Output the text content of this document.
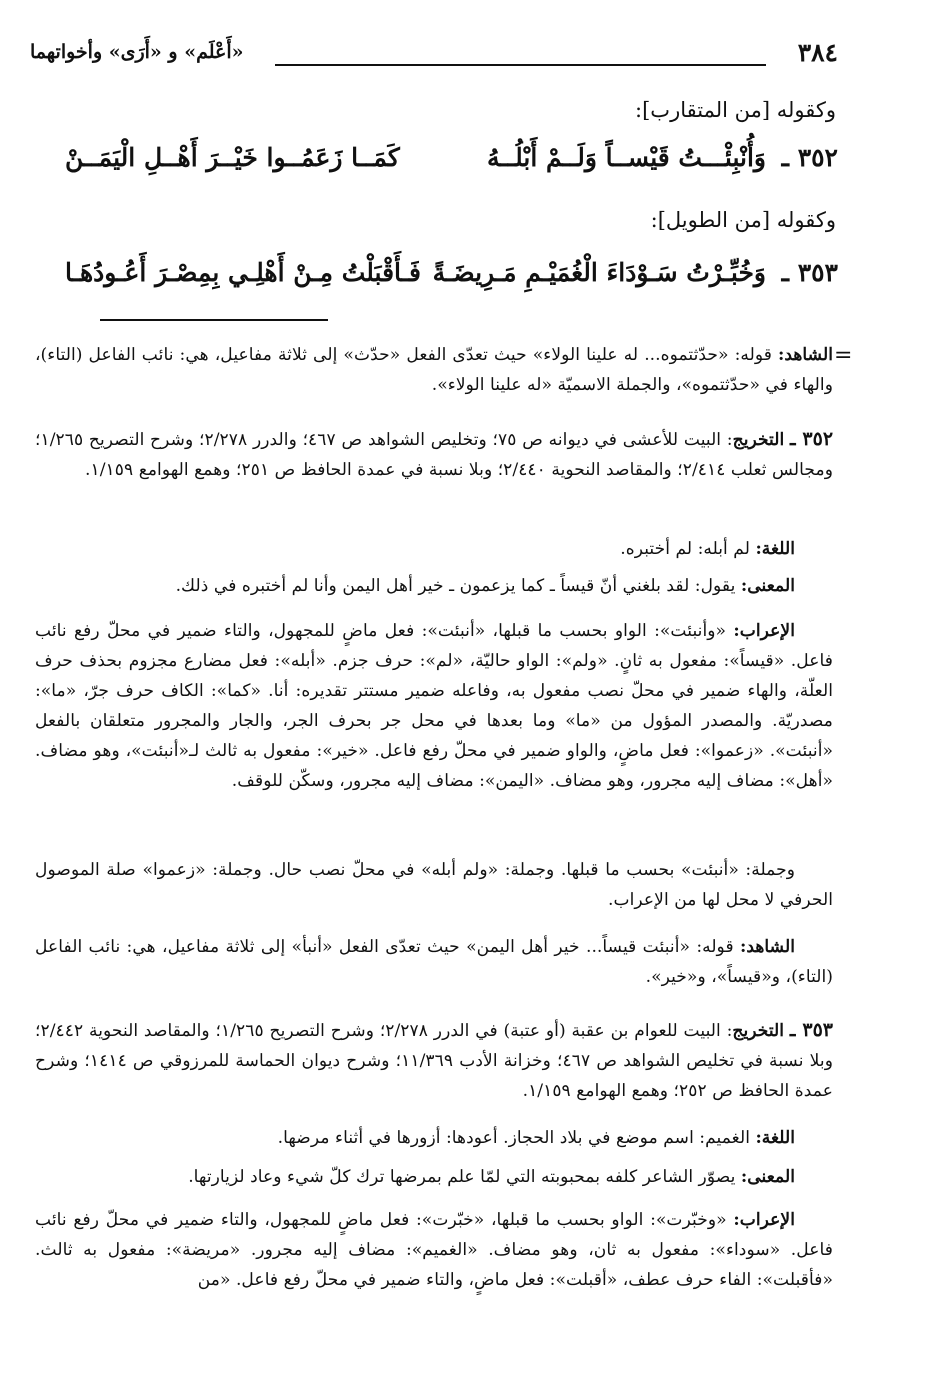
٣٨٤
«أَعْلَم» و «أَرَى» وأخواتهما
وكقوله [من المتقارب]:
٣٥٢ ـ
وَأُنْبِئْـــتُ قَيْســاً وَلَــمْ أَبْلُــهُ
كَمَــا زَعَمُــوا خَيْــرَ أَهْــلِ الْيَمَــنْ
وكقوله [من الطويل]:
٣٥٣ ـ
وَخُبِّـرْتُ سَـوْدَاءَ الْغُمَيْـمِ مَـرِيضَـةً
فَـأَقْبَلْتُ مِـنْ أَهْلِـي بِمِصْـرَ أَعُـودُهَـا
=
الشاهد: قوله: «حدّثتموه... له علينا الولاء» حيث تعدّى الفعل «حدّث» إلى ثلاثة مفاعيل، هي: نائب الفاعل (التاء)، والهاء في «حدّثتموه»، والجملة الاسميّة «له علينا الولاء».
٣٥٢ ـ التخريج: البيت للأعشى في ديوانه ص ٧٥؛ وتخليص الشواهد ص ٤٦٧؛ والدرر ٢/٢٧٨؛ وشرح التصريح ١/٢٦٥؛ ومجالس ثعلب ٢/٤١٤؛ والمقاصد النحوية ٢/٤٤٠؛ وبلا نسبة في عمدة الحافظ ص ٢٥١؛ وهمع الهوامع ١/١٥٩.
اللغة: لم أبله: لم أختبره.
المعنى: يقول: لقد بلغني أنّ قيساً ـ كما يزعمون ـ خير أهل اليمن وأنا لم أختبره في ذلك.
الإعراب: «وأنبئت»: الواو بحسب ما قبلها، «أنبئت»: فعل ماضٍ للمجهول، والتاء ضمير في محلّ رفع نائب فاعل. «قيساً»: مفعول به ثانٍ. «ولم»: الواو حاليّة، «لم»: حرف جزم. «أبله»: فعل مضارع مجزوم بحذف حرف العلّة، والهاء ضمير في محلّ نصب مفعول به، وفاعله ضمير مستتر تقديره: أنا. «كما»: الكاف حرف جرّ، «ما»: مصدريّة. والمصدر المؤول من «ما» وما بعدها في محل جر بحرف الجر، والجار والمجرور متعلقان بالفعل «أنبئت». «زعموا»: فعل ماضٍ، والواو ضمير في محلّ رفع فاعل. «خير»: مفعول به ثالث لـ«أنبئت»، وهو مضاف. «أهل»: مضاف إليه مجرور، وهو مضاف. «اليمن»: مضاف إليه مجرور، وسكّن للوقف.
وجملة: «أنبئت» بحسب ما قبلها. وجملة: «ولم أبله» في محلّ نصب حال. وجملة: «زعموا» صلة الموصول الحرفي لا محل لها من الإعراب.
الشاهد: قوله: «أنبئت قيساً... خير أهل اليمن» حيث تعدّى الفعل «أنبأ» إلى ثلاثة مفاعيل، هي: نائب الفاعل (التاء)، و«قيساً»، و«خير».
٣٥٣ ـ التخريج: البيت للعوام بن عقبة (أو عتبة) في الدرر ٢/٢٧٨؛ وشرح التصريح ١/٢٦٥؛ والمقاصد النحوية ٢/٤٤٢؛ وبلا نسبة في تخليص الشواهد ص ٤٦٧؛ وخزانة الأدب ١١/٣٦٩؛ وشرح ديوان الحماسة للمرزوقي ص ١٤١٤؛ وشرح عمدة الحافظ ص ٢٥٢؛ وهمع الهوامع ١/١٥٩.
اللغة: الغميم: اسم موضع في بلاد الحجاز. أعودها: أزورها في أثناء مرضها.
المعنى: يصوّر الشاعر كلفه بمحبوبته التي لمّا علم بمرضها ترك كلّ شيء وعاد لزيارتها.
الإعراب: «وخبّرت»: الواو بحسب ما قبلها، «خبّرت»: فعل ماضٍ للمجهول، والتاء ضمير في محلّ رفع نائب فاعل. «سوداء»: مفعول به ثان، وهو مضاف. «الغميم»: مضاف إليه مجرور. «مريضة»: مفعول به ثالث. «فأقبلت»: الفاء حرف عطف، «أقبلت»: فعل ماضٍ، والتاء ضمير في محلّ رفع فاعل. «من
